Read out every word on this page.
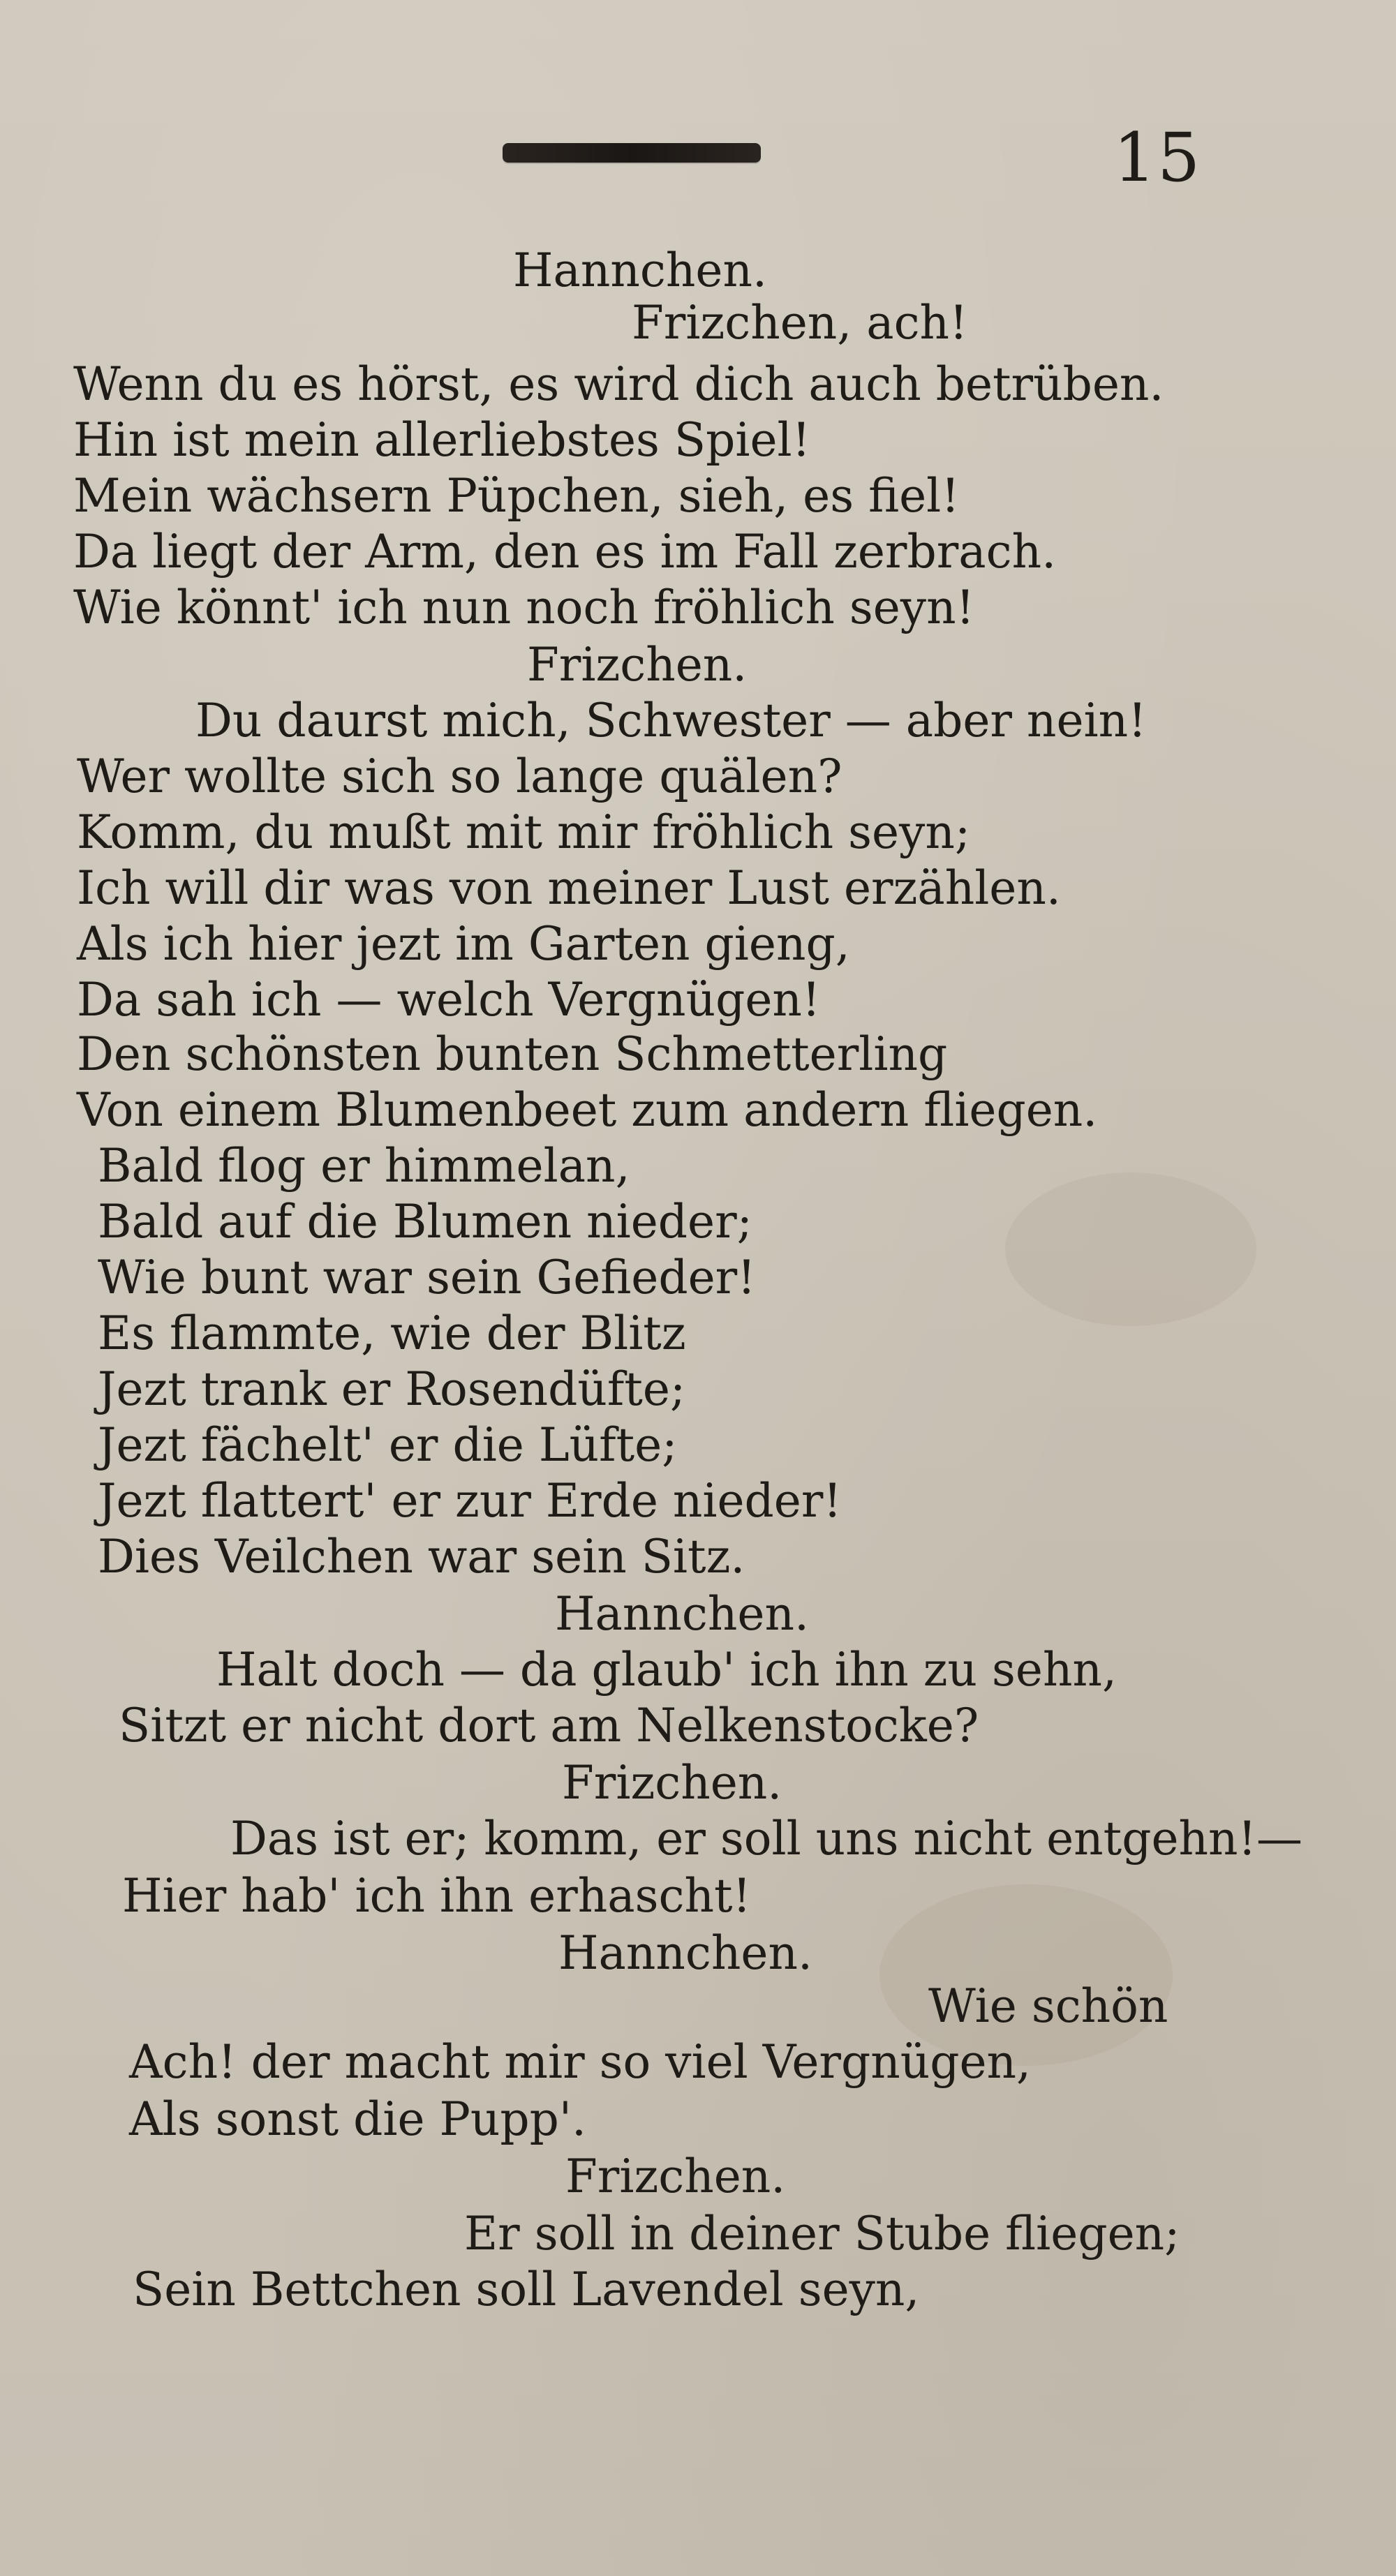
15
Hannchen.
Frizchen, ach!
Wenn du es hörst, es wird dich auch betrüben.
Hin ist mein allerliebstes Spiel!
Mein wächsern Püpchen, sieh, es fiel!
Da liegt der Arm, den es im Fall zerbrach.
Wie könnt' ich nun noch fröhlich seyn!
Frizchen.
Du daurst mich, Schwester — aber nein!
Wer wollte sich so lange quälen?
Komm, du mußt mit mir fröhlich seyn;
Ich will dir was von meiner Lust erzählen.
Als ich hier jezt im Garten gieng,
Da sah ich — welch Vergnügen!
Den schönsten bunten Schmetterling
Von einem Blumenbeet zum andern fliegen.
Bald flog er himmelan,
Bald auf die Blumen nieder;
Wie bunt war sein Gefieder!
Es flammte, wie der Blitz
Jezt trank er Rosendüfte;
Jezt fächelt' er die Lüfte;
Jezt flattert' er zur Erde nieder!
Dies Veilchen war sein Sitz.
Hannchen.
Halt doch — da glaub' ich ihn zu sehn,
Sitzt er nicht dort am Nelkenstocke?
Frizchen.
Das ist er; komm, er soll uns nicht entgehn!—
Hier hab' ich ihn erhascht!
Hannchen.
Wie schön
Ach! der macht mir so viel Vergnügen,
Als sonst die Pupp'.
Frizchen.
Er soll in deiner Stube fliegen;
Sein Bettchen soll Lavendel seyn,
